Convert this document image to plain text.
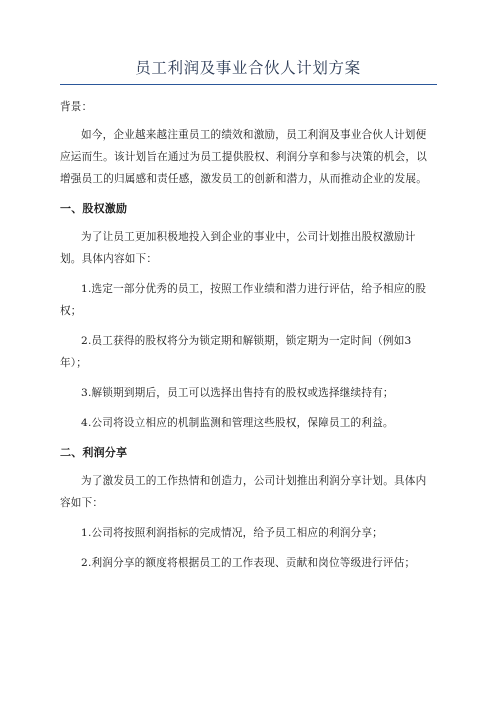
员工利润及事业合伙人计划方案

背景：

如今，企业越来越注重员工的绩效和激励，员工利润及事业合伙人计划便应运而生。该计划旨在通过为员工提供股权、利润分享和参与决策的机会，以增强员工的归属感和责任感，激发员工的创新和潜力，从而推动企业的发展。

一、股权激励

为了让员工更加积极地投入到企业的事业中，公司计划推出股权激励计划。具体内容如下：

1.选定一部分优秀的员工，按照工作业绩和潜力进行评估，给予相应的股权；

2.员工获得的股权将分为锁定期和解锁期，锁定期为一定时间（例如3年）；

3.解锁期到期后，员工可以选择出售持有的股权或选择继续持有；

4.公司将设立相应的机制监测和管理这些股权，保障员工的利益。

二、利润分享

为了激发员工的工作热情和创造力，公司计划推出利润分享计划。具体内容如下：

1.公司将按照利润指标的完成情况，给予员工相应的利润分享；

2.利润分享的额度将根据员工的工作表现、贡献和岗位等级进行评估；
